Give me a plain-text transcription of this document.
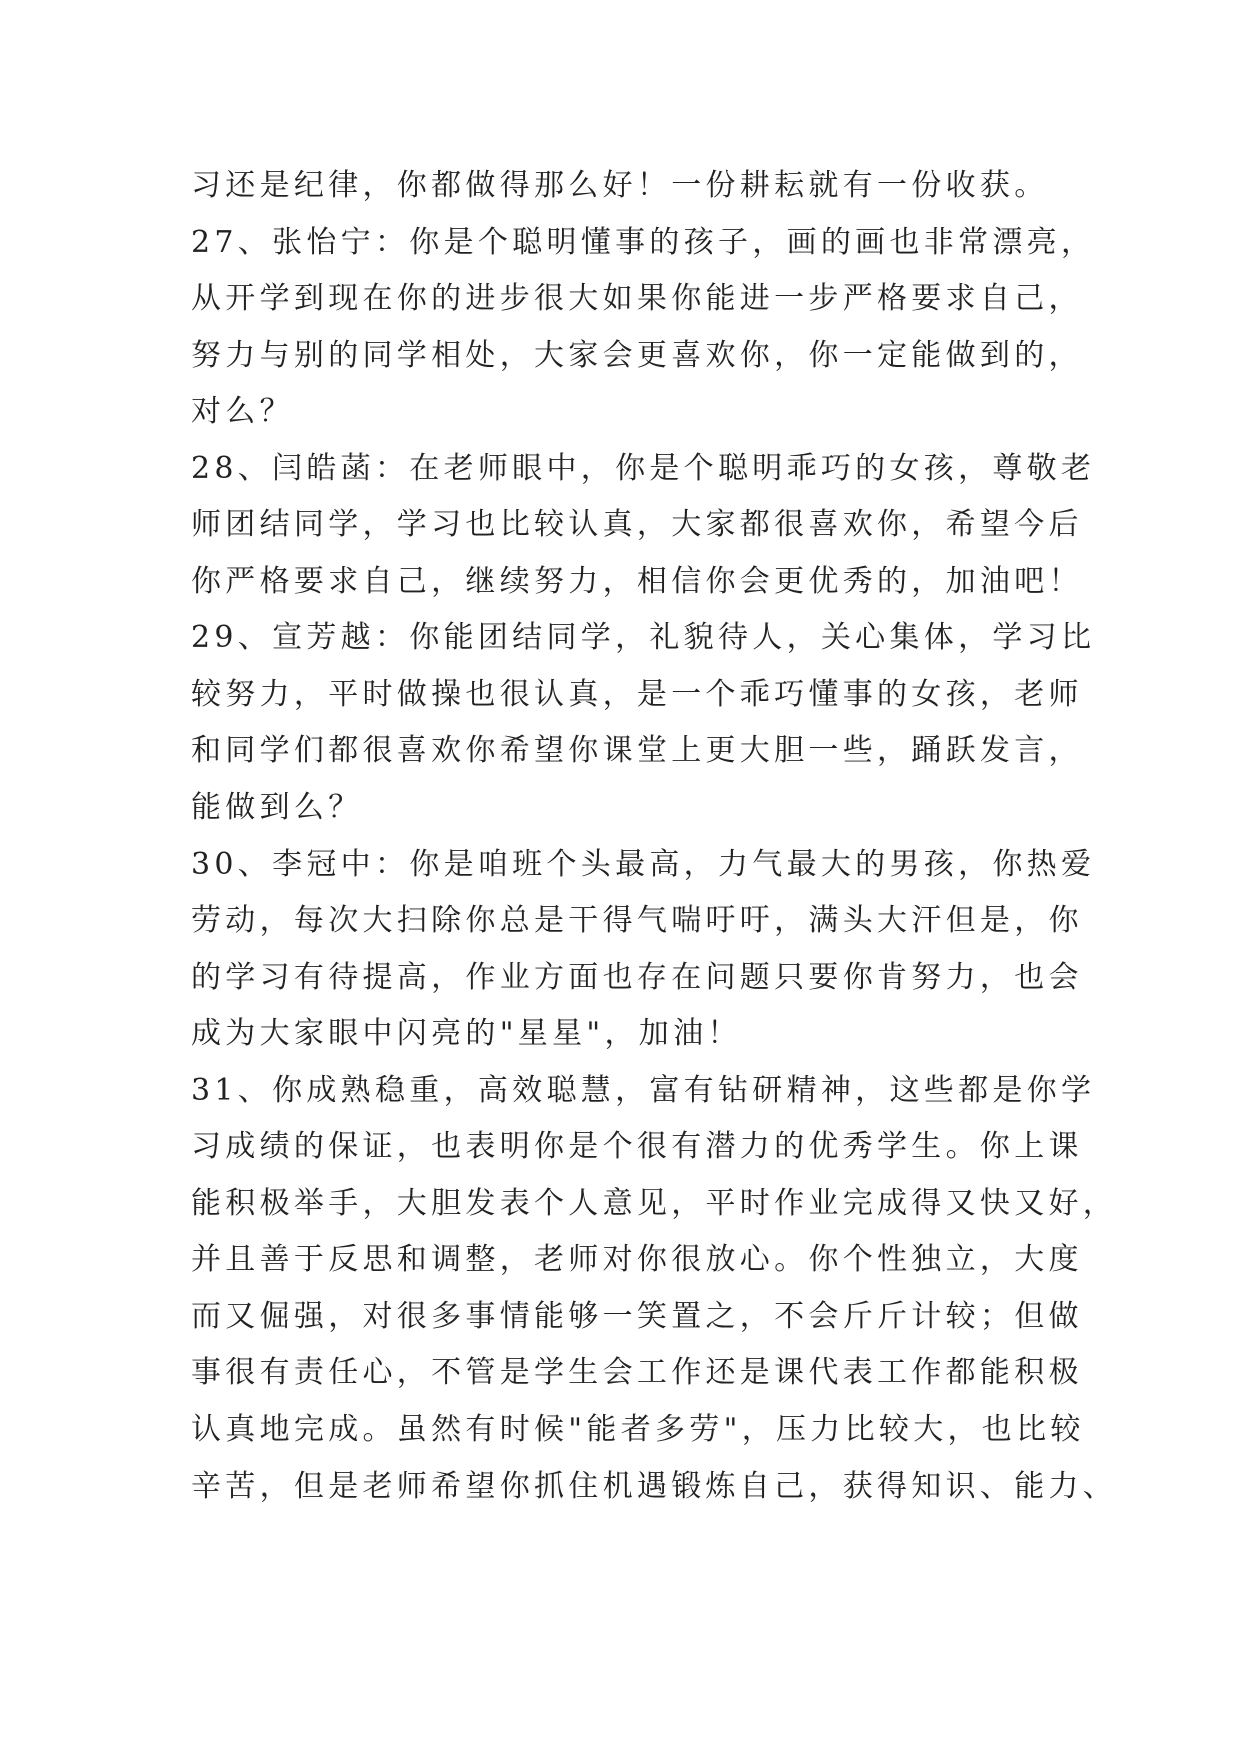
习还是纪律，你都做得那么好！一份耕耘就有一份收获。
27、张怡宁：你是个聪明懂事的孩子，画的画也非常漂亮，
从开学到现在你的进步很大如果你能进一步严格要求自己，
努力与别的同学相处，大家会更喜欢你，你一定能做到的，
对么？
28、闫皓菡：在老师眼中，你是个聪明乖巧的女孩，尊敬老
师团结同学，学习也比较认真，大家都很喜欢你，希望今后
你严格要求自己，继续努力，相信你会更优秀的，加油吧！
29、宣芳越：你能团结同学，礼貌待人，关心集体，学习比
较努力，平时做操也很认真，是一个乖巧懂事的女孩，老师
和同学们都很喜欢你希望你课堂上更大胆一些，踊跃发言，
能做到么？
30、李冠中：你是咱班个头最高，力气最大的男孩，你热爱
劳动，每次大扫除你总是干得气喘吁吁，满头大汗但是，你
的学习有待提高，作业方面也存在问题只要你肯努力，也会
成为大家眼中闪亮的"星星"，加油！
31、你成熟稳重，高效聪慧，富有钻研精神，这些都是你学
习成绩的保证，也表明你是个很有潜力的优秀学生。你上课
能积极举手，大胆发表个人意见，平时作业完成得又快又好，
并且善于反思和调整，老师对你很放心。你个性独立，大度
而又倔强，对很多事情能够一笑置之，不会斤斤计较；但做
事很有责任心，不管是学生会工作还是课代表工作都能积极
认真地完成。虽然有时候"能者多劳"，压力比较大，也比较
辛苦，但是老师希望你抓住机遇锻炼自己，获得知识、能力、
